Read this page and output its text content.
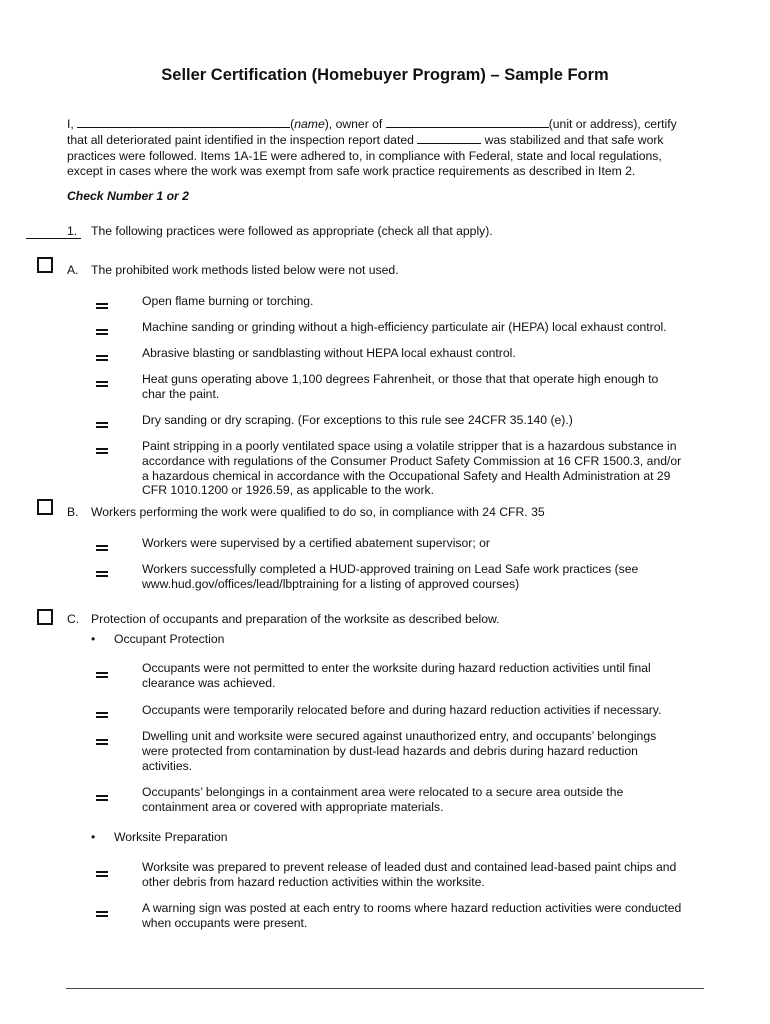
Seller Certification (Homebuyer Program) – Sample Form
I,	(name), owner of	(unit or address), certify
that all deteriorated paint identified in the inspection report dated	was stabilized and that safe work
practices were followed. Items 1A-1E were adhered to, in compliance with Federal, state and local regulations,
except in cases where the work was exempt from safe work practice requirements as described in Item 2.
Check Number 1 or 2
1. The following practices were followed as appropriate (check all that apply).
A. The prohibited work methods listed below were not used.
Open flame burning or torching.
Machine sanding or grinding without a high-efficiency particulate air (HEPA) local exhaust control.
Abrasive blasting or sandblasting without HEPA local exhaust control.
Heat guns operating above 1,100 degrees Fahrenheit, or those that that operate high enough to
char the paint.
Dry sanding or dry scraping. (For exceptions to this rule see 24CFR 35.140 (e).)
Paint stripping in a poorly ventilated space using a volatile stripper that is a hazardous substance in
accordance with regulations of the Consumer Product Safety Commission at 16 CFR 1500.3, and/or
a hazardous chemical in accordance with the Occupational Safety and Health Administration at 29
CFR 1010.1200 or 1926.59, as applicable to the work.
B. Workers performing the work were qualified to do so, in compliance with 24 CFR. 35
Workers were supervised by a certified abatement supervisor; or
Workers successfully completed a HUD-approved training on Lead Safe work practices (see
www.hud.gov/offices/lead/lbptraining for a listing of approved courses)
C. Protection of occupants and preparation of the worksite as described below.
• Occupant Protection
Occupants were not permitted to enter the worksite during hazard reduction activities until final
clearance was achieved.
Occupants were temporarily relocated before and during hazard reduction activities if necessary.
Dwelling unit and worksite were secured against unauthorized entry, and occupants’ belongings
were protected from contamination by dust-lead hazards and debris during hazard reduction
activities.
Occupants’ belongings in a containment area were relocated to a secure area outside the
containment area or covered with appropriate materials.
• Worksite Preparation
Worksite was prepared to prevent release of leaded dust and contained lead-based paint chips and
other debris from hazard reduction activities within the worksite.
A warning sign was posted at each entry to rooms where hazard reduction activities were conducted
when occupants were present.
